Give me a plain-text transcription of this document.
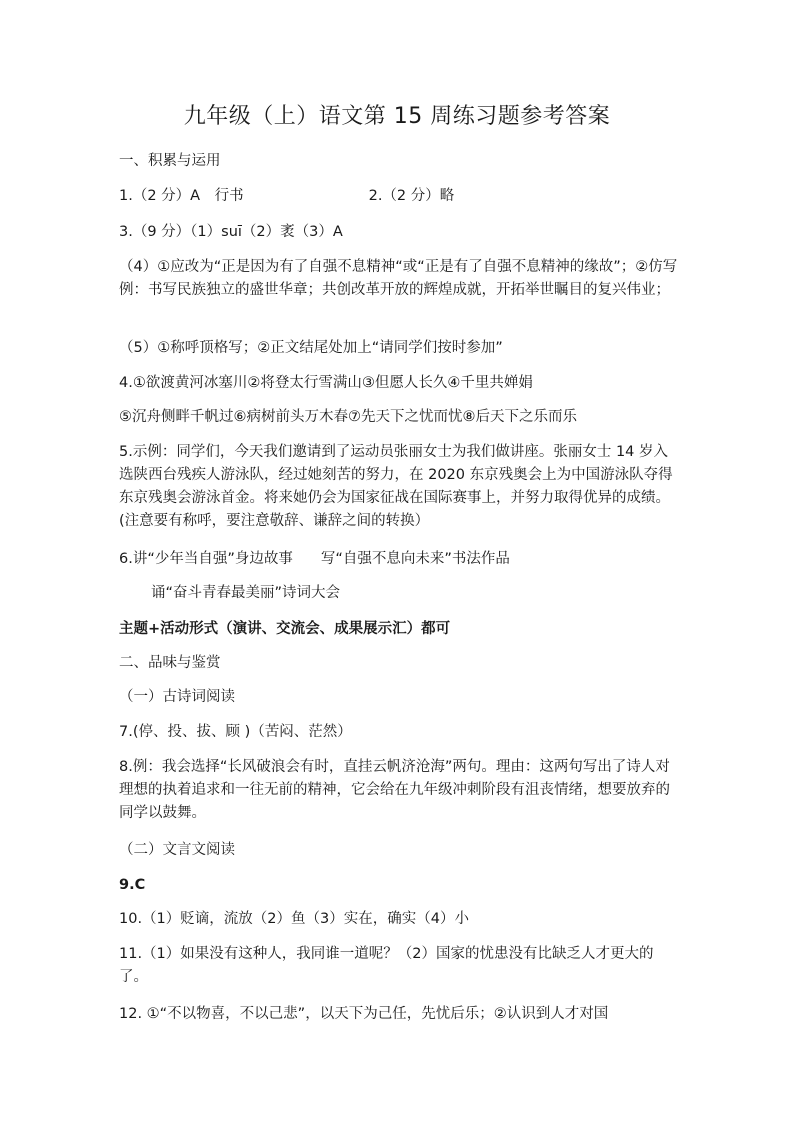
九年级（上）语文第 15 周练习题参考答案
一、积累与运用
1.（2 分）A　行书	2.（2 分）略
3.（9 分）（1）suī（2）袤（3）A
（4）①应改为“正是因为有了自强不息精神“或“正是有了自强不息精神的缘故”；②仿写例：书写民族独立的盛世华章；共创改革开放的辉煌成就，开拓举世瞩目的复兴伟业；
（5）①称呼顶格写；②正文结尾处加上“请同学们按时参加”
4.①欲渡黄河冰塞川②将登太行雪满山③但愿人长久④千里共婵娟
⑤沉舟侧畔千帆过⑥病树前头万木春⑦先天下之忧而忧⑧后天下之乐而乐
5.示例：同学们，今天我们邀请到了运动员张丽女士为我们做讲座。张丽女士 14 岁入选陕西台残疾人游泳队，经过她刻苦的努力，在 2020 东京残奥会上为中国游泳队夺得东京残奥会游泳首金。将来她仍会为国家征战在国际赛事上，并努力取得优异的成绩。(注意要有称呼，要注意敬辞、谦辞之间的转换）
6.讲“少年当自强”身边故事 写“自强不息向未来”书法作品
诵“奋斗青春最美丽”诗词大会
主题+活动形式（演讲、交流会、成果展示汇）都可
二、品味与鉴赏
（一）古诗词阅读
7.(停、投、拔、顾 )（苦闷、茫然）
8.例：我会选择“长风破浪会有时，直挂云帆济沧海”两句。理由：这两句写出了诗人对理想的执着追求和一往无前的精神，它会给在九年级冲刺阶段有沮丧情绪，想要放弃的同学以鼓舞。
（二）文言文阅读
9.C
10.（1）贬谪，流放（2）鱼（3）实在，确实（4）小
11.（1）如果没有这种人，我同谁一道呢？（2）国家的忧患没有比缺乏人才更大的了。
12. ①“不以物喜，不以己悲”，以天下为己任，先忧后乐；②认识到人才对国
